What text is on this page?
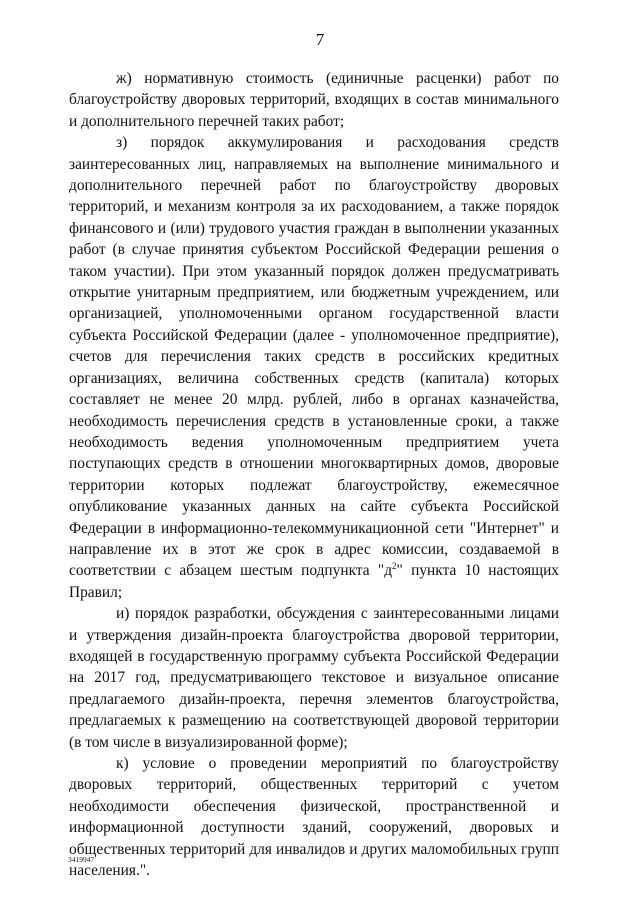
7

ж) нормативную стоимость (единичные расценки) работ по благоустройству дворовых территорий, входящих в состав минимального и дополнительного перечней таких работ;

з) порядок аккумулирования и расходования средств заинтересованных лиц, направляемых на выполнение минимального и дополнительного перечней работ по благоустройству дворовых территорий, и механизм контроля за их расходованием, а также порядок финансового и (или) трудового участия граждан в выполнении указанных работ (в случае принятия субъектом Российской Федерации решения о таком участии). При этом указанный порядок должен предусматривать открытие унитарным предприятием, или бюджетным учреждением, или организацией, уполномоченными органом государственной власти субъекта Российской Федерации (далее - уполномоченное предприятие), счетов для перечисления таких средств в российских кредитных организациях, величина собственных средств (капитала) которых составляет не менее 20 млрд. рублей, либо в органах казначейства, необходимость перечисления средств в установленные сроки, а также необходимость ведения уполномоченным предприятием учета поступающих средств в отношении многоквартирных домов, дворовые территории которых подлежат благоустройству, ежемесячное опубликование указанных данных на сайте субъекта Российской Федерации в информационно-телекоммуникационной сети "Интернет" и направление их в этот же срок в адрес комиссии, создаваемой в соответствии с абзацем шестым подпункта "$д^2$" пункта 10 настоящих Правил;

и) порядок разработки, обсуждения с заинтересованными лицами и утверждения дизайн-проекта благоустройства дворовой территории, входящей в государственную программу субъекта Российской Федерации на 2017 год, предусматривающего текстовое и визуальное описание предлагаемого дизайн-проекта, перечня элементов благоустройства, предлагаемых к размещению на соответствующей дворовой территории (в том числе в визуализированной форме);

к) условие о проведении мероприятий по благоустройству дворовых территорий, общественных территорий с учетом необходимости обеспечения физической, пространственной и информационной доступности зданий, сооружений, дворовых и общественных территорий для инвалидов и других маломобильных групп населения.".

3419947
